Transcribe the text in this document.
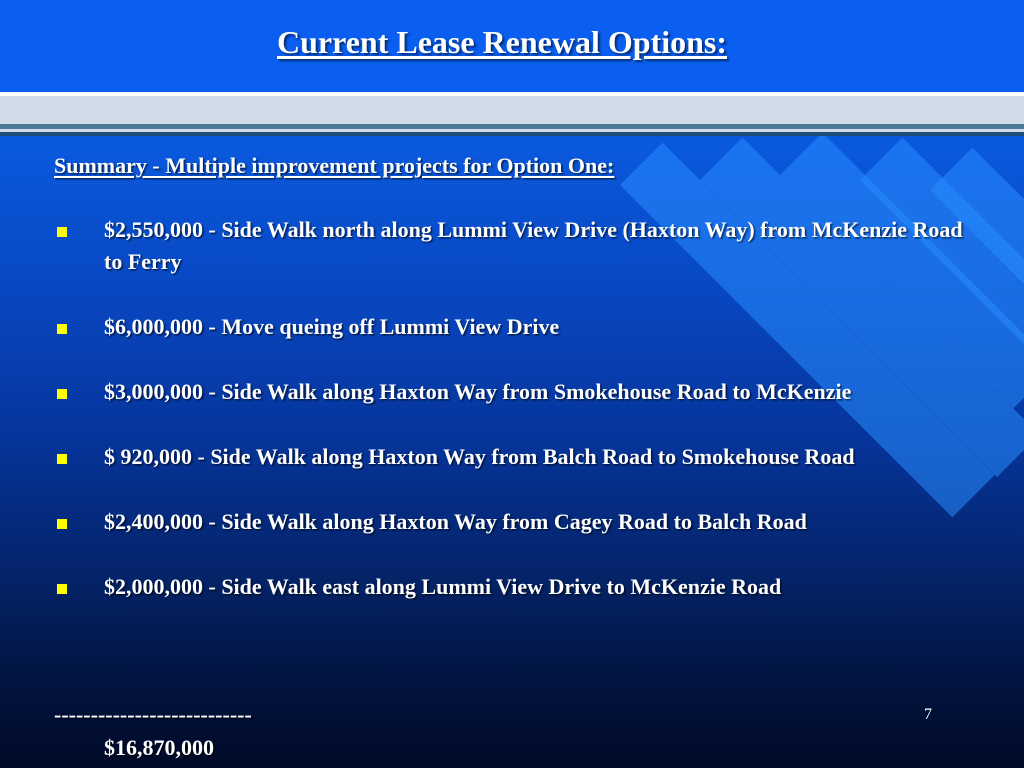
Current Lease Renewal Options:
Summary - Multiple improvement projects for Option One:
$2,550,000 - Side Walk north along Lummi View Drive (Haxton Way) from McKenzie Road to Ferry
$6,000,000 - Move queing off Lummi View Drive
$3,000,000 - Side Walk along Haxton Way from Smokehouse Road to McKenzie
$ 920,000 - Side Walk along Haxton Way from Balch Road to Smokehouse Road
$2,400,000 - Side Walk along Haxton Way from Cagey Road to Balch Road
$2,000,000 - Side Walk east along Lummi View Drive to McKenzie Road
---------------------------
$16,870,000
7
